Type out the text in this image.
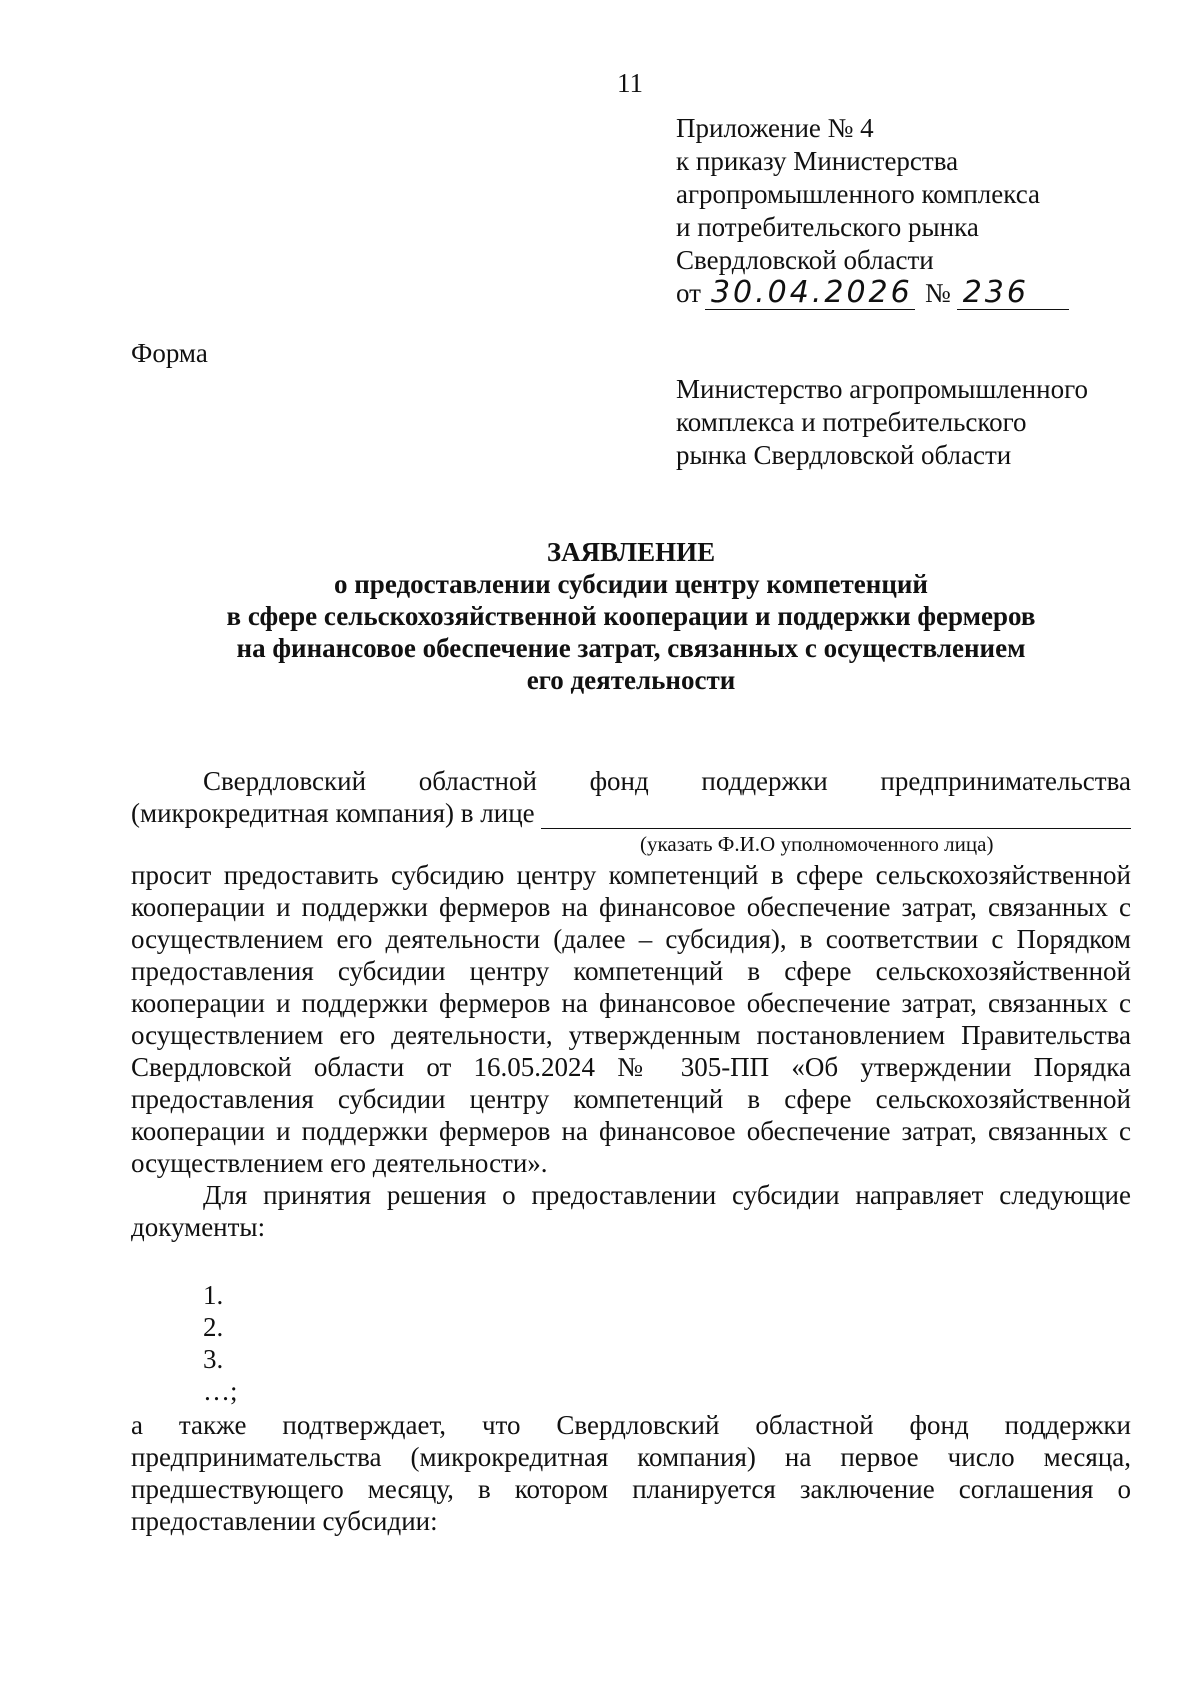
11
Приложение № 4
к приказу Министерства
агропромышленного комплекса
и потребительского рынка
Свердловской области
от 30.04.2026 № 236
Форма
Министерство агропромышленного
комплекса и потребительского
рынка Свердловской области
ЗАЯВЛЕНИЕ
о предоставлении субсидии центру компетенций
в сфере сельскохозяйственной кооперации и поддержки фермеров
на финансовое обеспечение затрат, связанных с осуществлением
его деятельности
Свердловский областной фонд поддержки предпринимательства
(микрокредитная компания) в лице
(указать Ф.И.О уполномоченного лица)

просит предоставить субсидию центру компетенций в сфере сельскохозяйственной кооперации и поддержки фермеров на финансовое обеспечение затрат, связанных с осуществлением его деятельности (далее – субсидия), в соответствии с Порядком предоставления субсидии центру компетенций в сфере сельскохозяйственной кооперации и поддержки фермеров на финансовое обеспечение затрат, связанных с осуществлением его деятельности, утвержденным постановлением Правительства Свердловской области от 16.05.2024 № 305-ПП «Об утверждении Порядка предоставления субсидии центру компетенций в сфере сельскохозяйственной кооперации и поддержки фермеров на финансовое обеспечение затрат, связанных с осуществлением его деятельности».

Для принятия решения о предоставлении субсидии направляет следующие документы:

1.
2.
3.
…;

а также подтверждает, что Свердловский областной фонд поддержки предпринимательства (микрокредитная компания) на первое число месяца, предшествующего месяцу, в котором планируется заключение соглашения о предоставлении субсидии:
